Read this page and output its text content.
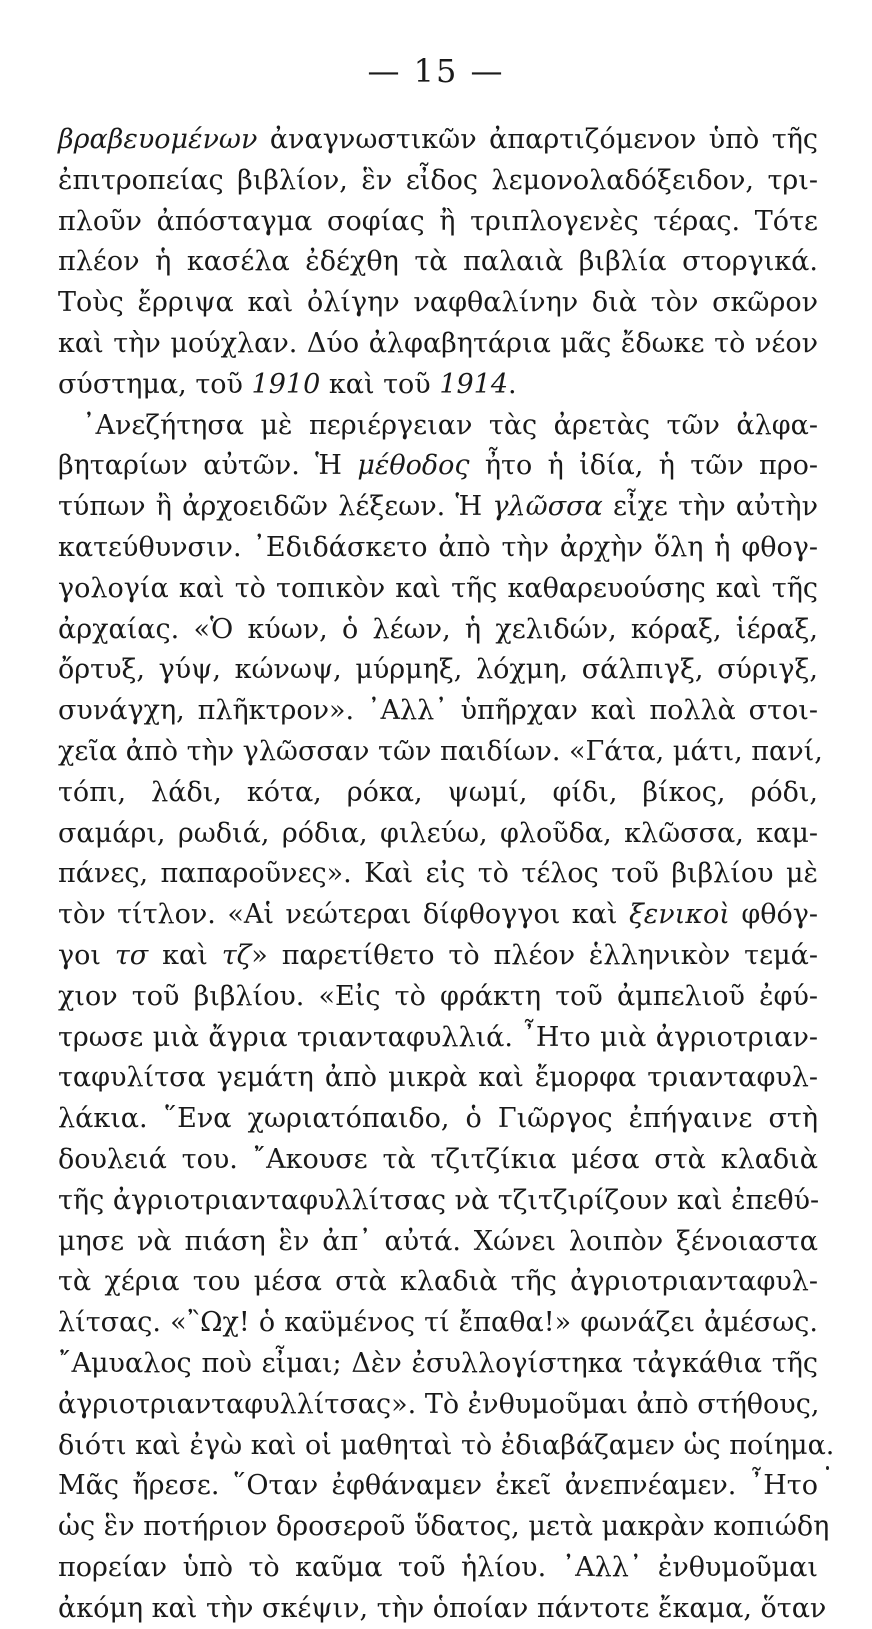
— 15 —
βραβευομένων ἀναγνωστικῶν ἀπαρτιζόμενον ὑπὸ τῆς
ἐπιτροπείας βιβλίον, ἓν εἶδος λεμονολαδόξειδον, τρι-
πλοῦν ἀπόσταγμα σοφίας ἢ τριπλογενὲς τέρας. Τότε
πλέον ἡ κασέλα ἐδέχθη τὰ παλαιὰ βιβλία στοργικά.
Τοὺς ἔρριψα καὶ ὀλίγην ναφθαλίνην διὰ τὸν σκῶρον
καὶ τὴν μούχλαν. Δύο ἀλφαβητάρια μᾶς ἔδωκε τὸ νέον
σύστημα, τοῦ 1910 καὶ τοῦ 1914.
᾽Ανεζήτησα μὲ περιέργειαν τὰς ἀρετὰς τῶν ἀλφα-
βηταρίων αὐτῶν. Ἡ μέθοδος ἦτο ἡ ἰδία, ἡ τῶν προ-
τύπων ἢ ἀρχοειδῶν λέξεων. Ἡ γλῶσσα εἶχε τὴν αὐτὴν
κατεύθυνσιν. ᾽Εδιδάσκετο ἀπὸ τὴν ἀρχὴν ὅλη ἡ φθογ-
γολογία καὶ τὸ τοπικὸν καὶ τῆς καθαρευούσης καὶ τῆς
ἀρχαίας. «Ὁ κύων, ὁ λέων, ἡ χελιδών, κόραξ, ἱέραξ,
ὄρτυξ, γύψ, κώνωψ, μύρμηξ, λόχμη, σάλπιγξ, σύριγξ,
συνάγχη, πλῆκτρον». ᾽Αλλ᾽ ὑπῆρχαν καὶ πολλὰ στοι-
χεῖα ἀπὸ τὴν γλῶσσαν τῶν παιδίων. «Γάτα, μάτι, πανί,
τόπι, λάδι, κότα, ρόκα, ψωμί, φίδι, βίκος, ρόδι,
σαμάρι, ρωδιά, ρόδια, φιλεύω, φλοῦδα, κλῶσσα, καμ-
πάνες, παπαροῦνες». Καὶ εἰς τὸ τέλος τοῦ βιβλίου μὲ
τὸν τίτλον. «Αἱ νεώτεραι δίφθογγοι καὶ ξενικοὶ φθόγ-
γοι τσ καὶ τζ» παρετίθετο τὸ πλέον ἑλληνικὸν τεμά-
χιον τοῦ βιβλίου. «Εἰς τὸ φράκτη τοῦ ἀμπελιοῦ ἐφύ-
τρωσε μιὰ ἄγρια τριανταφυλλιά. ῏Ητο μιὰ ἀγριοτριαν-
ταφυλίτσα γεμάτη ἀπὸ μικρὰ καὶ ἔμορφα τριανταφυλ-
λάκια. ῞Ενα χωριατόπαιδο, ὁ Γιῶργος ἐπήγαινε στὴ
δουλειά του. ῎Ακουσε τὰ τζιτζίκια μέσα στὰ κλαδιὰ
τῆς ἀγριοτριανταφυλλίτσας νὰ τζιτζιρίζουν καὶ ἐπεθύ-
μησε νὰ πιάση ἓν ἀπ᾽ αὐτά. Χώνει λοιπὸν ξένοιαστα
τὰ χέρια του μέσα στὰ κλαδιὰ τῆς ἀγριοτριανταφυλ-
λίτσας. «῍Ωχ! ὁ καϋμένος τί ἔπαθα!» φωνάζει ἀμέσως.
῎Αμυαλος ποὺ εἶμαι; Δὲν ἐσυλλογίστηκα τἀγκάθια τῆς
ἀγριοτριανταφυλλίτσας». Τὸ ἐνθυμοῦμαι ἀπὸ στήθους,
διότι καὶ ἐγὼ καὶ οἱ μαθηταὶ τὸ ἐδιαβάζαμεν ὡς ποίημα.
Μᾶς ἤρεσε. ῞Οταν ἐφθάναμεν ἐκεῖ ἀνεπνέαμεν. ῏Ητο
ὡς ἓν ποτήριον δροσεροῦ ὕδατος, μετὰ μακρὰν κοπιώδη
πορείαν ὑπὸ τὸ καῦμα τοῦ ἡλίου. ᾽Αλλ᾽ ἐνθυμοῦμαι
ἀκόμη καὶ τὴν σκέψιν, τὴν ὁποίαν πάντοτε ἔκαμα, ὅταν
